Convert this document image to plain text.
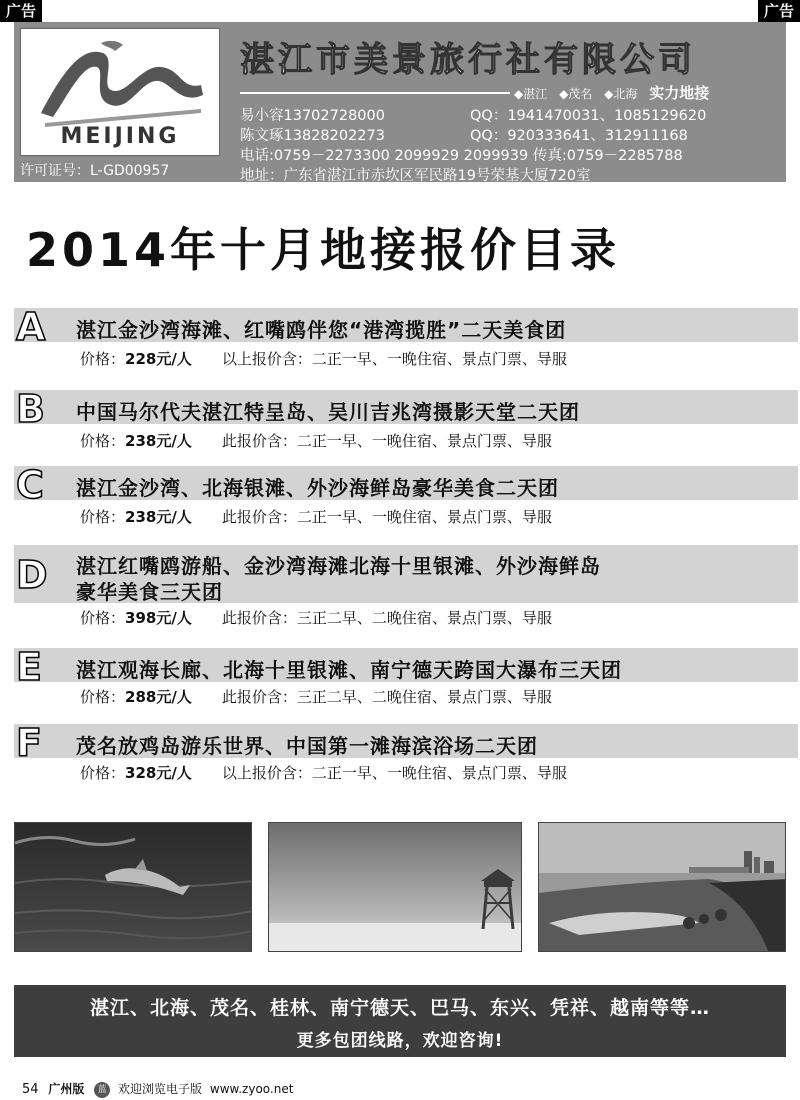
广告	广告
MEIJING
许可证号：L-GD00957
湛江市美景旅行社有限公司
◆湛江 ◆茂名 ◆北海 实力地接
易小容13702728000	QQ：1941470031、1085129620
陈文琢13828202273	QQ：920333641、312911168
电话:0759－2273300 2099929 2099939 传真:0759－2285788
地址：广东省湛江市赤坎区军民路19号荣基大厦720室
2014年十月地接报价目录
A 湛江金沙湾海滩、红嘴鸥伴您“港湾揽胜”二天美食团
价格：228元/人 以上报价含：二正一早、一晚住宿、景点门票、导服
B 中国马尔代夫湛江特呈岛、吴川吉兆湾摄影天堂二天团
价格：238元/人 此报价含：二正一早、一晚住宿、景点门票、导服
C 湛江金沙湾、北海银滩、外沙海鲜岛豪华美食二天团
价格：238元/人 此报价含：二正一早、一晚住宿、景点门票、导服
D 湛江红嘴鸥游船、金沙湾海滩北海十里银滩、外沙海鲜岛
豪华美食三天团
价格：398元/人 此报价含：三正二早、二晚住宿、景点门票、导服
E 湛江观海长廊、北海十里银滩、南宁德天跨国大瀑布三天团
价格：288元/人 此报价含：三正二早、二晚住宿、景点门票、导服
F 茂名放鸡岛游乐世界、中国第一滩海滨浴场二天团
价格：328元/人 以上报价含：二正一早、一晚住宿、景点门票、导服
湛江、北海、茂名、桂林、南宁德天、巴马、东兴、凭祥、越南等等…
更多包团线路，欢迎咨询!
54 广州版 蓝 欢迎浏览电子版 www.zyoo.net
